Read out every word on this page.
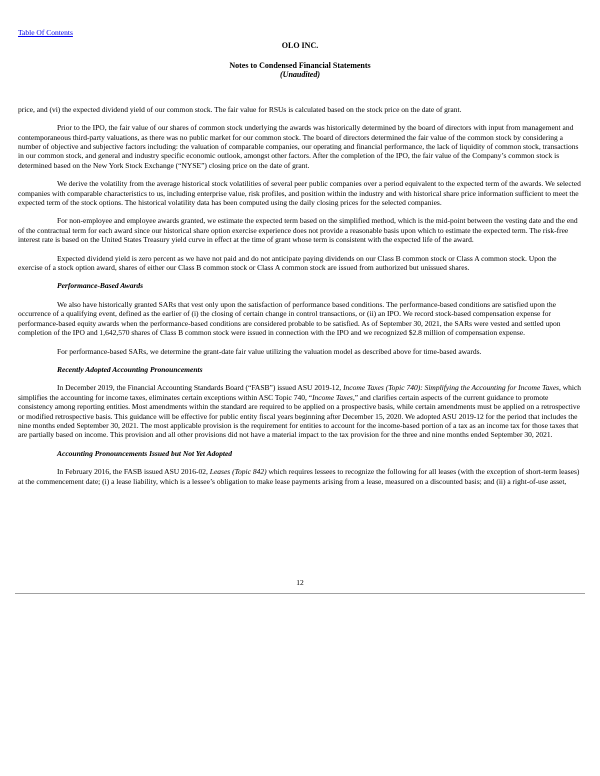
Table Of Contents
OLO INC.
Notes to Condensed Financial Statements
(Unaudited)

price, and (vi) the expected dividend yield of our common stock. The fair value for RSUs is calculated based on the stock price on the date of grant.

Prior to the IPO, the fair value of our shares of common stock underlying the awards was historically determined by the board of directors with input from management and contemporaneous third-party valuations, as there was no public market for our common stock. The board of directors determined the fair value of the common stock by considering a number of objective and subjective factors including: the valuation of comparable companies, our operating and financial performance, the lack of liquidity of common stock, transactions in our common stock, and general and industry specific economic outlook, amongst other factors. After the completion of the IPO, the fair value of the Company’s common stock is determined based on the New York Stock Exchange (“NYSE”) closing price on the date of grant.

We derive the volatility from the average historical stock volatilities of several peer public companies over a period equivalent to the expected term of the awards. We selected companies with comparable characteristics to us, including enterprise value, risk profiles, and position within the industry and with historical share price information sufficient to meet the expected term of the stock options. The historical volatility data has been computed using the daily closing prices for the selected companies.

For non-employee and employee awards granted, we estimate the expected term based on the simplified method, which is the mid-point between the vesting date and the end of the contractual term for each award since our historical share option exercise experience does not provide a reasonable basis upon which to estimate the expected term. The risk-free interest rate is based on the United States Treasury yield curve in effect at the time of grant whose term is consistent with the expected life of the award.

Expected dividend yield is zero percent as we have not paid and do not anticipate paying dividends on our Class B common stock or Class A common stock. Upon the exercise of a stock option award, shares of either our Class B common stock or Class A common stock are issued from authorized but unissued shares.

Performance-Based Awards

We also have historically granted SARs that vest only upon the satisfaction of performance based conditions. The performance-based conditions are satisfied upon the occurrence of a qualifying event, defined as the earlier of (i) the closing of certain change in control transactions, or (ii) an IPO. We record stock-based compensation expense for performance-based equity awards when the performance-based conditions are considered probable to be satisfied. As of September 30, 2021, the SARs were vested and settled upon completion of the IPO and 1,642,570 shares of Class B common stock were issued in connection with the IPO and we recognized $2.8 million of compensation expense.

For performance-based SARs, we determine the grant-date fair value utilizing the valuation model as described above for time-based awards.

Recently Adopted Accounting Pronouncements

In December 2019, the Financial Accounting Standards Board (“FASB”) issued ASU 2019-12, Income Taxes (Topic 740): Simplifying the Accounting for Income Taxes, which simplifies the accounting for income taxes, eliminates certain exceptions within ASC Topic 740, “Income Taxes,” and clarifies certain aspects of the current guidance to promote consistency among reporting entities. Most amendments within the standard are required to be applied on a prospective basis, while certain amendments must be applied on a retrospective or modified retrospective basis. This guidance will be effective for public entity fiscal years beginning after December 15, 2020. We adopted ASU 2019-12 for the period that includes the nine months ended September 30, 2021. The most applicable provision is the requirement for entities to account for the income-based portion of a tax as an income tax for those taxes that are partially based on income. This provision and all other provisions did not have a material impact to the tax provision for the three and nine months ended September 30, 2021.

Accounting Pronouncements Issued but Not Yet Adopted

In February 2016, the FASB issued ASU 2016-02, Leases (Topic 842) which requires lessees to recognize the following for all leases (with the exception of short-term leases) at the commencement date; (i) a lease liability, which is a lessee’s obligation to make lease payments arising from a lease, measured on a discounted basis; and (ii) a right-of-use asset,

12
